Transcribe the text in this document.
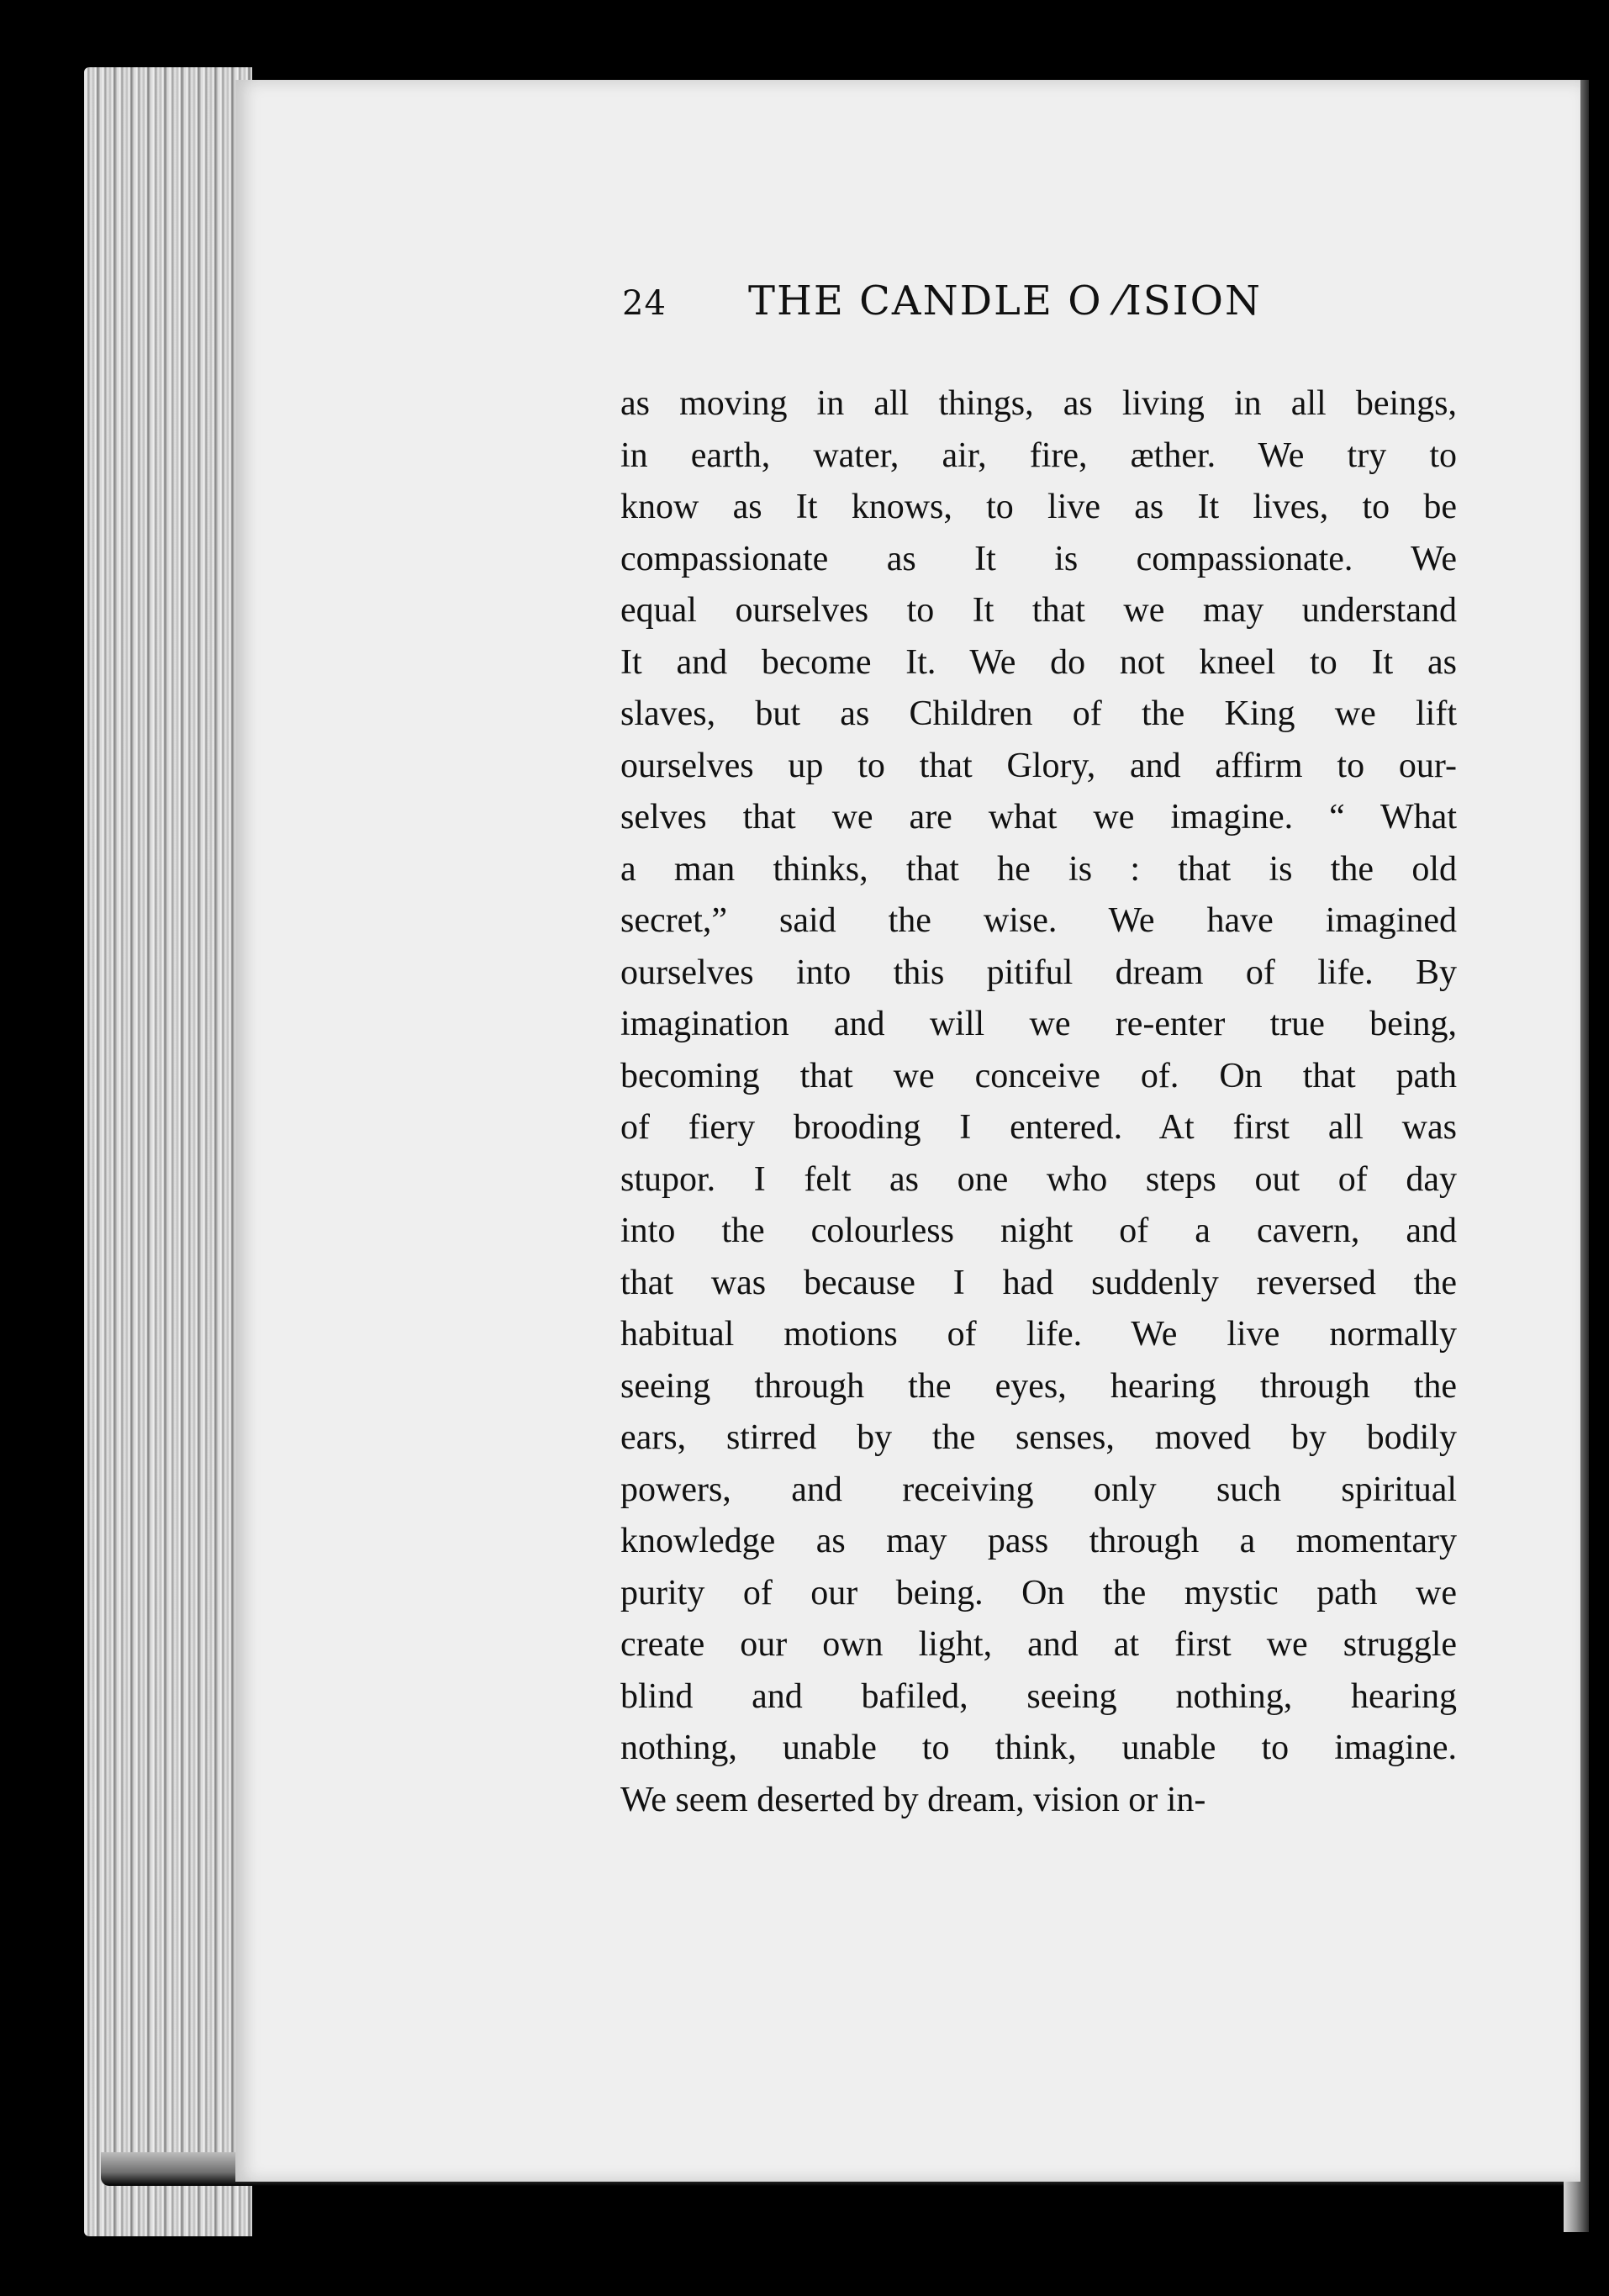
24 THE CANDLE O ⁄ISION
as moving in all things, as living in all beings,
in earth, water, air, fire, æther. We try to
know as It knows, to live as It lives, to be
compassionate as It is compassionate. We
equal ourselves to It that we may understand
It and become It. We do not kneel to It as
slaves, but as Children of the King we lift
ourselves up to that Glory, and affirm to our-
selves that we are what we imagine. “ What
a man thinks, that he is : that is the old
secret,” said the wise. We have imagined
ourselves into this pitiful dream of life. By
imagination and will we re-enter true being,
becoming that we conceive of. On that path
of fiery brooding I entered. At first all was
stupor. I felt as one who steps out of day
into the colourless night of a cavern, and
that was because I had suddenly reversed the
habitual motions of life. We live normally
seeing through the eyes, hearing through the
ears, stirred by the senses, moved by bodily
powers, and receiving only such spiritual
knowledge as may pass through a momentary
purity of our being. On the mystic path we
create our own light, and at first we struggle
blind and bafiled, seeing nothing, hearing
nothing, unable to think, unable to imagine.
We seem deserted by dream, vision or in-
